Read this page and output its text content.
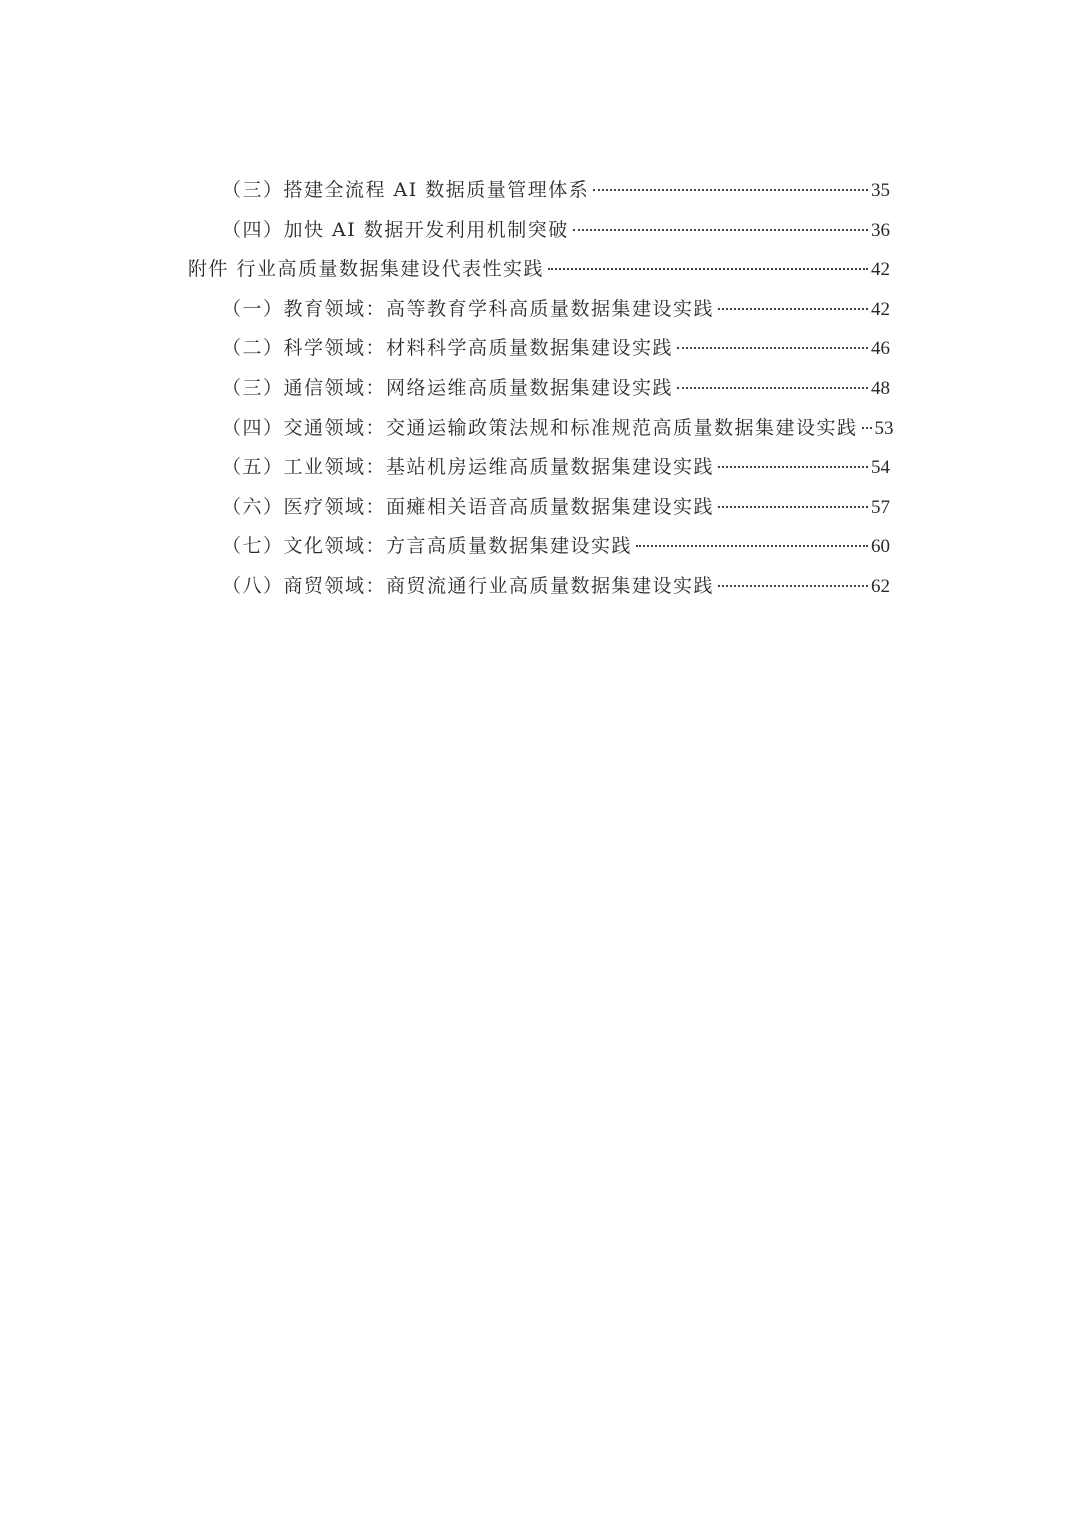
（三）搭建全流程 AI 数据质量管理体系	35
（四）加快 AI 数据开发利用机制突破	36
附件 行业高质量数据集建设代表性实践	42
（一）教育领域：高等教育学科高质量数据集建设实践	42
（二）科学领域：材料科学高质量数据集建设实践	46
（三）通信领域：网络运维高质量数据集建设实践	48
（四）交通领域：交通运输政策法规和标准规范高质量数据集建设实践 53
（五）工业领域：基站机房运维高质量数据集建设实践	54
（六）医疗领域：面瘫相关语音高质量数据集建设实践	57
（七）文化领域：方言高质量数据集建设实践	60
（八）商贸领域：商贸流通行业高质量数据集建设实践	62
